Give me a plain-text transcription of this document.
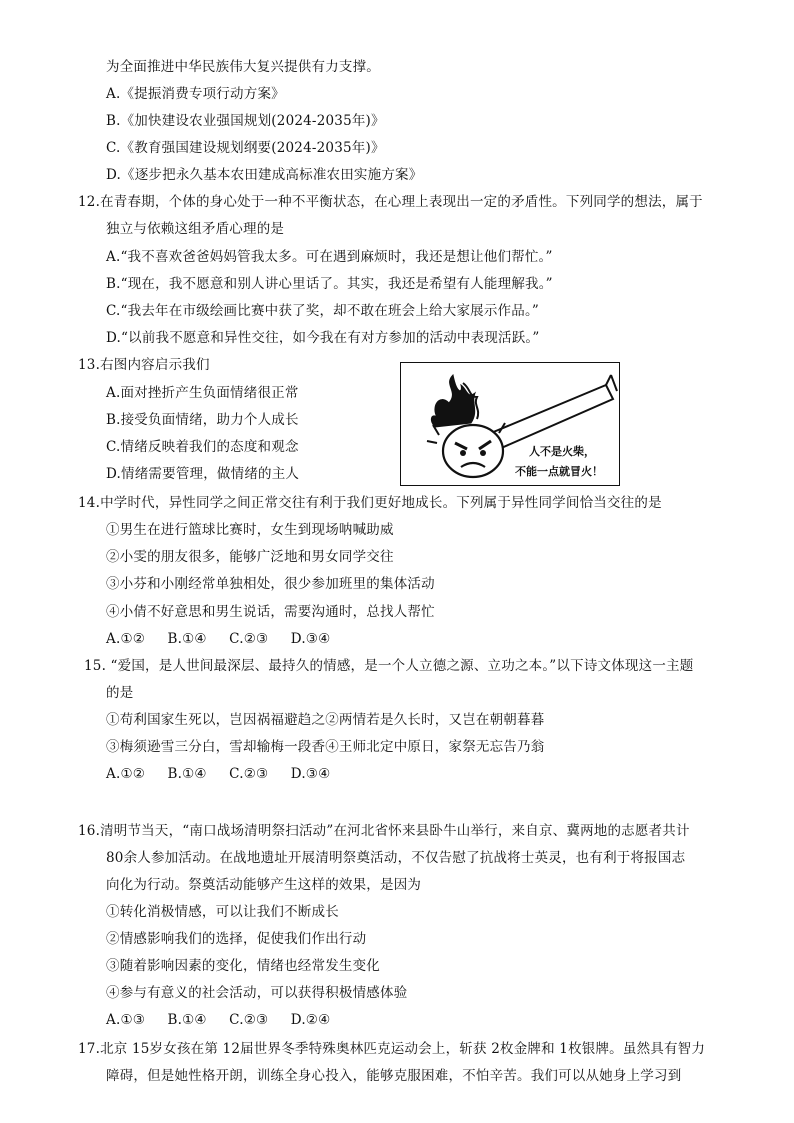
为全面推进中华民族伟大复兴提供有力支撑。
A.《提振消费专项行动方案》
B.《加快建设农业强国规划(2024-2035年)》
C.《教育强国建设规划纲要(2024-2035年)》
D.《逐步把永久基本农田建成高标准农田实施方案》
12.在青春期，个体的身心处于一种不平衡状态，在心理上表现出一定的矛盾性。下列同学的想法，属于
独立与依赖这组矛盾心理的是
A.“我不喜欢爸爸妈妈管我太多。可在遇到麻烦时，我还是想让他们帮忙。”
B.“现在，我不愿意和别人讲心里话了。其实，我还是希望有人能理解我。”
C.“我去年在市级绘画比赛中获了奖，却不敢在班会上给大家展示作品。”
D.“以前我不愿意和异性交往，如今我在有对方参加的活动中表现活跃。”
13.右图内容启示我们
A.面对挫折产生负面情绪很正常
B.接受负面情绪，助力个人成长
C.情绪反映着我们的态度和观念
D.情绪需要管理，做情绪的主人
人不是火柴，
不能一点就冒火！
14.中学时代，异性同学之间正常交往有利于我们更好地成长。下列属于异性同学间恰当交往的是
①男生在进行篮球比赛时，女生到现场呐喊助威
②小雯的朋友很多，能够广泛地和男女同学交往
③小芬和小刚经常单独相处，很少参加班里的集体活动
④小倩不好意思和男生说话，需要沟通时，总找人帮忙
A.①②     B.①④     C.②③     D.③④
15. “爱国，是人世间最深层、最持久的情感，是一个人立德之源、立功之本。”以下诗文体现这一主题
的是
①苟利国家生死以，岂因祸福避趋之②两情若是久长时，又岂在朝朝暮暮
③梅须逊雪三分白，雪却输梅一段香④王师北定中原日，家祭无忘告乃翁
A.①②     B.①④     C.②③     D.③④
16.清明节当天，“南口战场清明祭扫活动”在河北省怀来县卧牛山举行，来自京、冀两地的志愿者共计
80余人参加活动。在战地遗址开展清明祭奠活动，不仅告慰了抗战将士英灵，也有利于将报国志
向化为行动。祭奠活动能够产生这样的效果，是因为
①转化消极情感，可以让我们不断成长
②情感影响我们的选择，促使我们作出行动
③随着影响因素的变化，情绪也经常发生变化
④参与有意义的社会活动，可以获得积极情感体验
A.①③     B.①④     C.②③     D.②④
17.北京 15岁女孩在第 12届世界冬季特殊奥林匹克运动会上，斩获 2枚金牌和 1枚银牌。虽然具有智力
障碍，但是她性格开朗，训练全身心投入，能够克服困难，不怕辛苦。我们可以从她身上学习到
